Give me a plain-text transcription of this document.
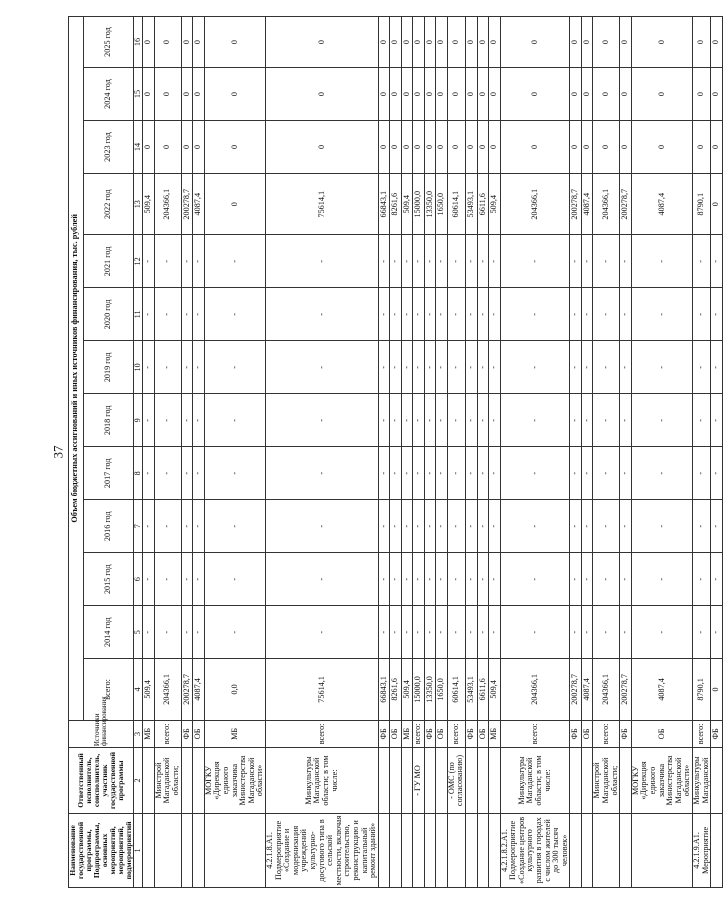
37
Наименование государственной программы, Подпрограммы, основных мероприятий, мероприятий, подмероприятий	Ответственный исполнитель, соисполнитель, участник государственной программы	Источники финансирования	Объем бюджетных ассигнований и иных источников финансирования, тыс. рублей												
			всего:	2014 год	2015 год	2016 год	2017 год	2018 год	2019 год	2020 год	2021 год	2022 год	2023 год	2024 год	2025 год
1	2	3	4	5	6	7	8	9	10	11	12	13	14	15	16
		МБ	509,4	-	-	-	-	-	-	-	-	509,4	0	0	0
	Минстрой Магаданской области;	всего:	204366,1	-	-	-	-	-	-	-	-	204366,1	0	0	0
		ФБ	200278,7	-	-	-	-	-	-	-	-	200278,7	0	0	0
		ОБ	4087,4	-	-	-	-	-	-	-	-	4087,4	0	0	0
	МОГКУ «Дирекция единого заказчика Министерства Магаданской области»	МБ	0,0	-	-	-	-	-	-	-	-	0	0	0	0
4.2.1.8.A1. Подмероприятие «Создание и модернизация учреждений культурно-досугового типа в сельской местности, включая строительство, реконструкцию и капитальный ремонт зданий»	Минкультуры Магаданской области; в том числе:	всего:	75614,1	-	-	-	-	-	-	-	-	75614,1	0	0	0
		ФБ	66843,1	-	-	-	-	-	-	-	-	66843,1	0	0	0
		ОБ	8261,6	-	-	-	-	-	-	-	-	8261,6	0	0	0
		МБ	509,4	-	-	-	-	-	-	-	-	509,4	0	0	0
	- ГУ МО	всего:	15000,0	-	-	-	-	-	-	-	-	15000,0	0	0	0
		ФБ	13350,0	-	-	-	-	-	-	-	-	13350,0	0	0	0
		ОБ	1650,0	-	-	-	-	-	-	-	-	1650,0	0	0	0
	- ОМС (по согласованию)	всего:	60614,1	-	-	-	-	-	-	-	-	60614,1	0	0	0
		ФБ	53493,1	-	-	-	-	-	-	-	-	53493,1	0	0	0
		ОБ	6611,6	-	-	-	-	-	-	-	-	6611,6	0	0	0
		МБ	509,4	-	-	-	-	-	-	-	-	509,4	0	0	0
4.2.1.8.2.A1. Подмероприятие «Создание центров культурного развития в городах с числом жителей до 300 тысяч человек»	Минкультуры Магаданской области; в том числе:	всего:	204366,1	-	-	-	-	-	-	-	-	204366,1	0	0	0
		ФБ	200278,7	-	-	-	-	-	-	-	-	200278,7	0	0	0
		ОБ	4087,4	-	-	-	-	-	-	-	-	4087,4	0	0	0
	Минстрой Магаданской области;	всего:	204366,1	-	-	-	-	-	-	-	-	204366,1	0	0	0
		ФБ	200278,7	-	-	-	-	-	-	-	-	200278,7	0	0	0
	МОГКУ «Дирекция единого заказчика Министерства Магаданской области»	ОБ	4087,4	-	-	-	-	-	-	-	-	4087,4	0	0	0
4.2.1.9.A1. Мероприятие	Минкультуры Магаданской	всего:	8790,1	-	-	-	-	-	-	-	-	8790,1	0	0	0
		ФБ	0	-	-	-	-	-	-	-	-	0	0	0	0
